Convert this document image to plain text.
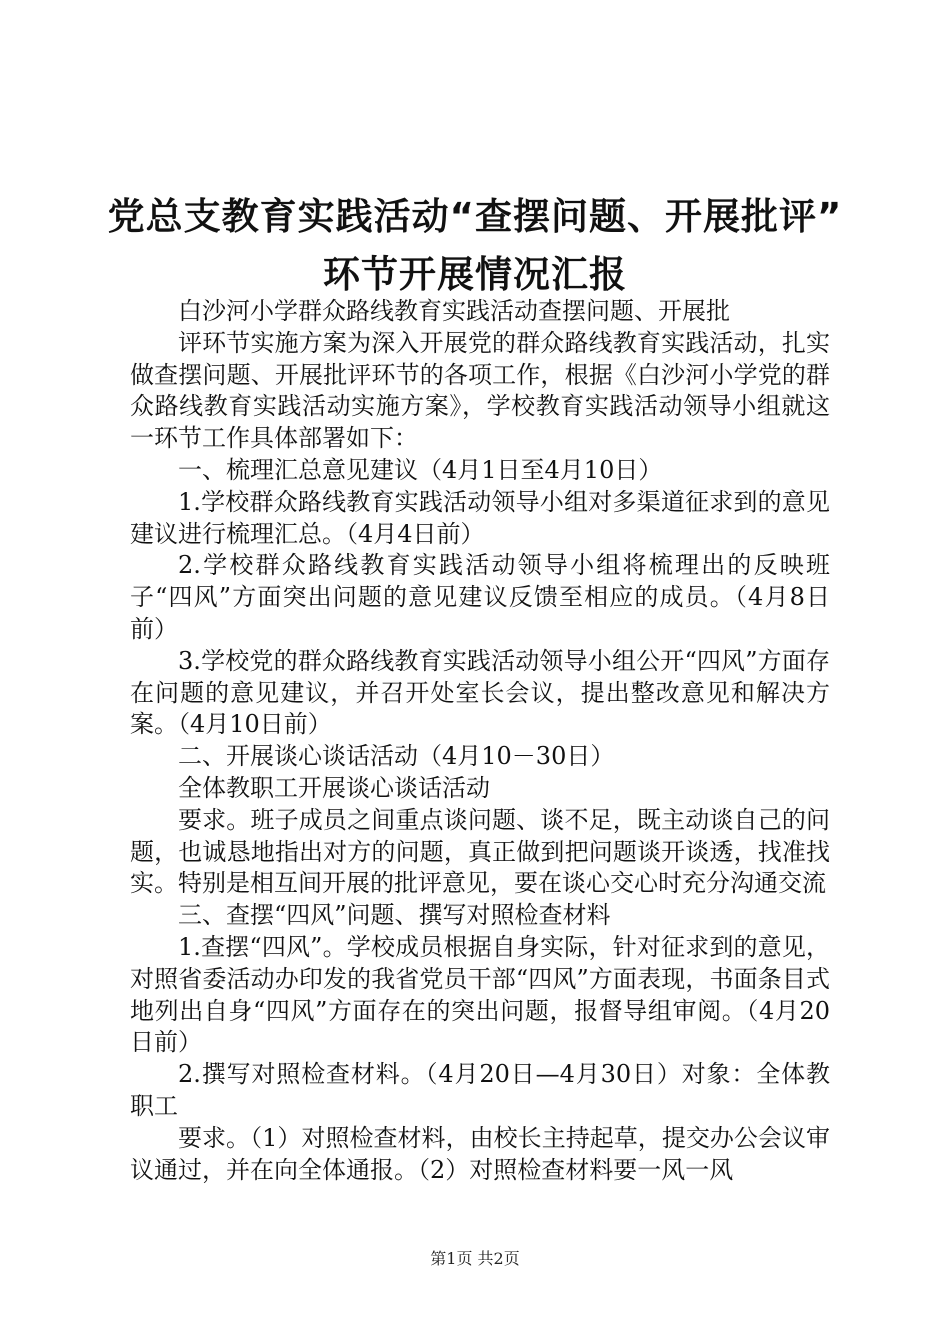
党总支教育实践活动“查摆问题、开展批评”
环节开展情况汇报

白沙河小学群众路线教育实践活动查摆问题、开展批

评环节实施方案为深入开展党的群众路线教育实践活动，扎实做查摆问题、开展批评环节的各项工作，根据《白沙河小学党的群众路线教育实践活动实施方案》，学校教育实践活动领导小组就这一环节工作具体部署如下：

一、梳理汇总意见建议（4月1日至4月10日）

1.学校群众路线教育实践活动领导小组对多渠道征求到的意见建议进行梳理汇总。（4月4日前）

2.学校群众路线教育实践活动领导小组将梳理出的反映班子“四风”方面突出问题的意见建议反馈至相应的成员。（4月8日前）

3.学校党的群众路线教育实践活动领导小组公开“四风”方面存在问题的意见建议，并召开处室长会议，提出整改意见和解决方案。（4月10日前）

二、开展谈心谈话活动（4月10－30日）

全体教职工开展谈心谈话活动

要求。班子成员之间重点谈问题、谈不足，既主动谈自己的问题，也诚恳地指出对方的问题，真正做到把问题谈开谈透，找准找实。特别是相互间开展的批评意见，要在谈心交心时充分沟通交流

三、查摆“四风”问题、撰写对照检查材料

1.查摆“四风”。学校成员根据自身实际，针对征求到的意见，对照省委活动办印发的我省党员干部“四风”方面表现，书面条目式地列出自身“四风”方面存在的突出问题，报督导组审阅。（4月20日前）

2.撰写对照检查材料。（4月20日—4月30日）对象：全体教职工

要求。（1）对照检查材料，由校长主持起草，提交办公会议审议通过，并在向全体通报。（2）对照检查材料要一风一风

第1页 共2页
